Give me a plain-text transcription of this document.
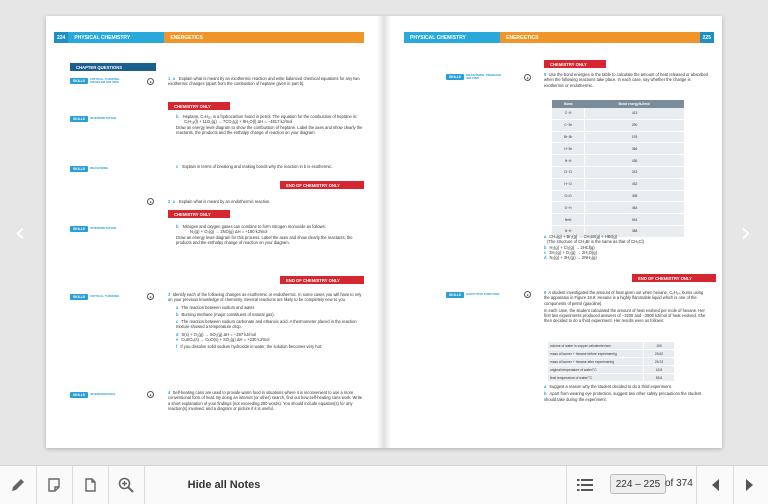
‹	›
224	PHYSICAL CHEMISTRY	ENERGETICS
CHAPTER QUESTIONS
SKILLS
CRITICAL THINKING, PROBLEM SOLVING	●
1 a Explain what is meant by an exothermic reaction and write balanced chemical equations for any two exothermic changes (apart from the combustion of heptane given in part b).
CHEMISTRY ONLY
SKILLS	INTERPRETATION	b Heptane, C₇H₁₆, is a hydrocarbon found in petrol. The equation for the combustion of heptane is:
C₇H₁₆(l) + 11O₂(g) → 7CO₂(g) + 8H₂O(l) ΔH = −4817 kJ/mol
Draw an energy level diagram to show the combustion of heptane. Label the axes and show clearly the reactants, the products and the enthalpy change of reaction on your diagram.
SKILLS	REASONING	c Explain in terms of breaking and making bonds why the reaction in b is exothermic.
END OF CHEMISTRY ONLY
●	2 a Explain what is meant by an endothermic reaction.
CHEMISTRY ONLY
SKILLS	INTERPRETATION	b Nitrogen and oxygen gases can combine to form nitrogen monoxide as follows:
N₂(g) + O₂(g) → 2NO(g) ΔH = +180 kJ/mol
Draw an energy level diagram for this process. Label the axes and show clearly the reactants, the products and the enthalpy change of reaction on your diagram.
END OF CHEMISTRY ONLY
SKILLS	CRITICAL THINKING	●	3 Identify each of the following changes as exothermic or endothermic. In some cases you will have to rely on your previous knowledge of chemistry. Several reactions are likely to be completely new to you.
a The reaction between sodium and water.
b Burning methane (major constituent of natural gas).
c The reaction between sodium carbonate and ethanoic acid. A thermometer placed in the reaction mixture showed a temperature drop.
d S(s) + O₂(g) → SO₂(g) ΔH = −297 kJ/mol
e CuSO₄(s) → CuO(s) + SO₃(g) ΔH = +230 kJ/mol
f If you dissolve solid sodium hydroxide in water, the solution becomes very hot.
SKILLS	INTERPERSONAL	●	4 Self-heating cans are used to provide warm food in situations where it is inconvenient to use a more conventional form of heat. By doing an internet (or other) search, find out how self-heating cans work. Write a short explanation of your findings (not exceeding 200 words). You should include equation(s) for any reaction(s) involved, and a diagram or picture if it is useful.
PHYSICAL CHEMISTRY	ENERGETICS	225
CHEMISTRY ONLY
SKILLS
REASONING, PROBLEM SOLVING	●
5 Use the bond energies in the table to calculate the amount of heat released or absorbed when the following reactions take place. In each case, say whether the change is exothermic or endothermic.
Bond	Bond energy/kJ/mol
C−H	413
C−Br	290
Br−Br	193
H−Br	366
H−H	436
Cl−Cl	243
H−Cl	432
O=O	498
O−H	464
N≡N	944
N−H	388
a CH₄(g) + Br₂(g) → CH₃Br(g) + HBr(g)
(The structure of CH₃Br is the same as that of CH₃Cl)
b H₂(g) + Cl₂(g) → 2HCl(g)
c 2H₂(g) + O₂(g) → 2H₂O(g)
d N₂(g) + 3H₂(g) → 2NH₃(g)
END OF CHEMISTRY ONLY
SKILLS	EXECUTIVE FUNCTION	●	6 A student investigated the amount of heat given out when hexane, C₆H₁₄, burns using the apparatus in Figure 19.9. Hexane is a highly flammable liquid which is one of the components of petrol (gasoline).
In each case, the student calculated the amount of heat evolved per mole of hexane. Her first two experiments produced answers of −3200 and −3900 kJ/mol of heat evolved. She then decided to do a third experiment. Her results were as follows:
volume of water in copper calorimeter/cm³	100
mass of burner + hexane before experiment/g	25.62
mass of burner + hexane after experiment/g	25.23
original temperature of water/°C	18.8
final temperature of water/°C	55.8
a Suggest a reason why the student decided to do a third experiment.
b Apart from wearing eye protection, suggest two other safety precautions the student should take during the experiment.
Hide all Notes	224 – 225 of 374
